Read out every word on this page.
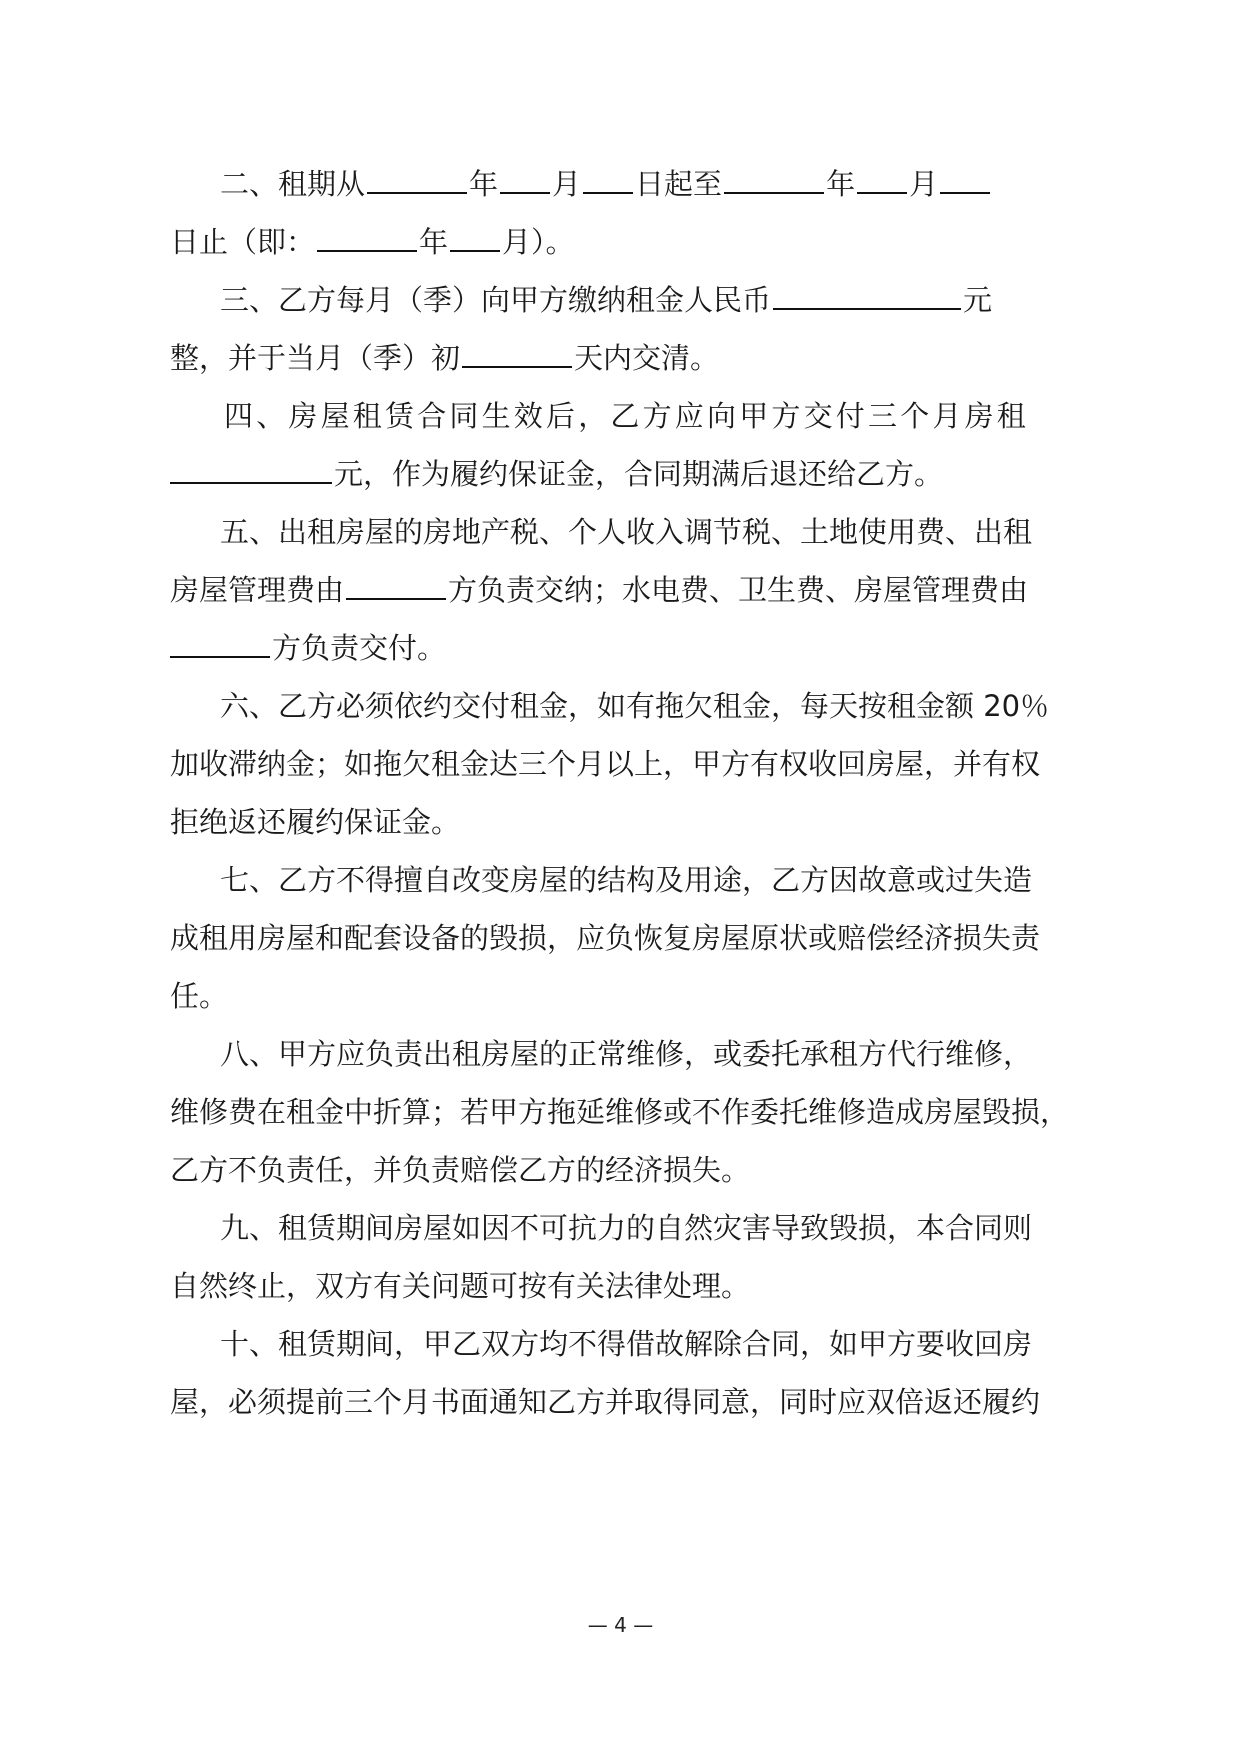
二、租期从	年 月 日起至	年 月
日止（即：	年 月）。
三、乙方每月（季）向甲方缴纳租金人民币	元
整，并于当月（季）初	天内交清。
四、房屋租赁合同生效后，乙方应向甲方交付三个月房租
元，作为履约保证金，合同期满后退还给乙方。
五、出租房屋的房地产税、个人收入调节税、土地使用费、出租
房屋管理费由	方负责交纳；水电费、卫生费、房屋管理费由
方负责交付。
六、乙方必须依约交付租金，如有拖欠租金，每天按租金额 20％
加收滞纳金；如拖欠租金达三个月以上，甲方有权收回房屋，并有权
拒绝返还履约保证金。
七、乙方不得擅自改变房屋的结构及用途，乙方因故意或过失造
成租用房屋和配套设备的毁损，应负恢复房屋原状或赔偿经济损失责
任。
八、甲方应负责出租房屋的正常维修，或委托承租方代行维修，
维修费在租金中折算；若甲方拖延维修或不作委托维修造成房屋毁损，
乙方不负责任，并负责赔偿乙方的经济损失。
九、租赁期间房屋如因不可抗力的自然灾害导致毁损，本合同则
自然终止，双方有关问题可按有关法律处理。
十、租赁期间，甲乙双方均不得借故解除合同，如甲方要收回房
屋，必须提前三个月书面通知乙方并取得同意，同时应双倍返还履约
— 4 —
